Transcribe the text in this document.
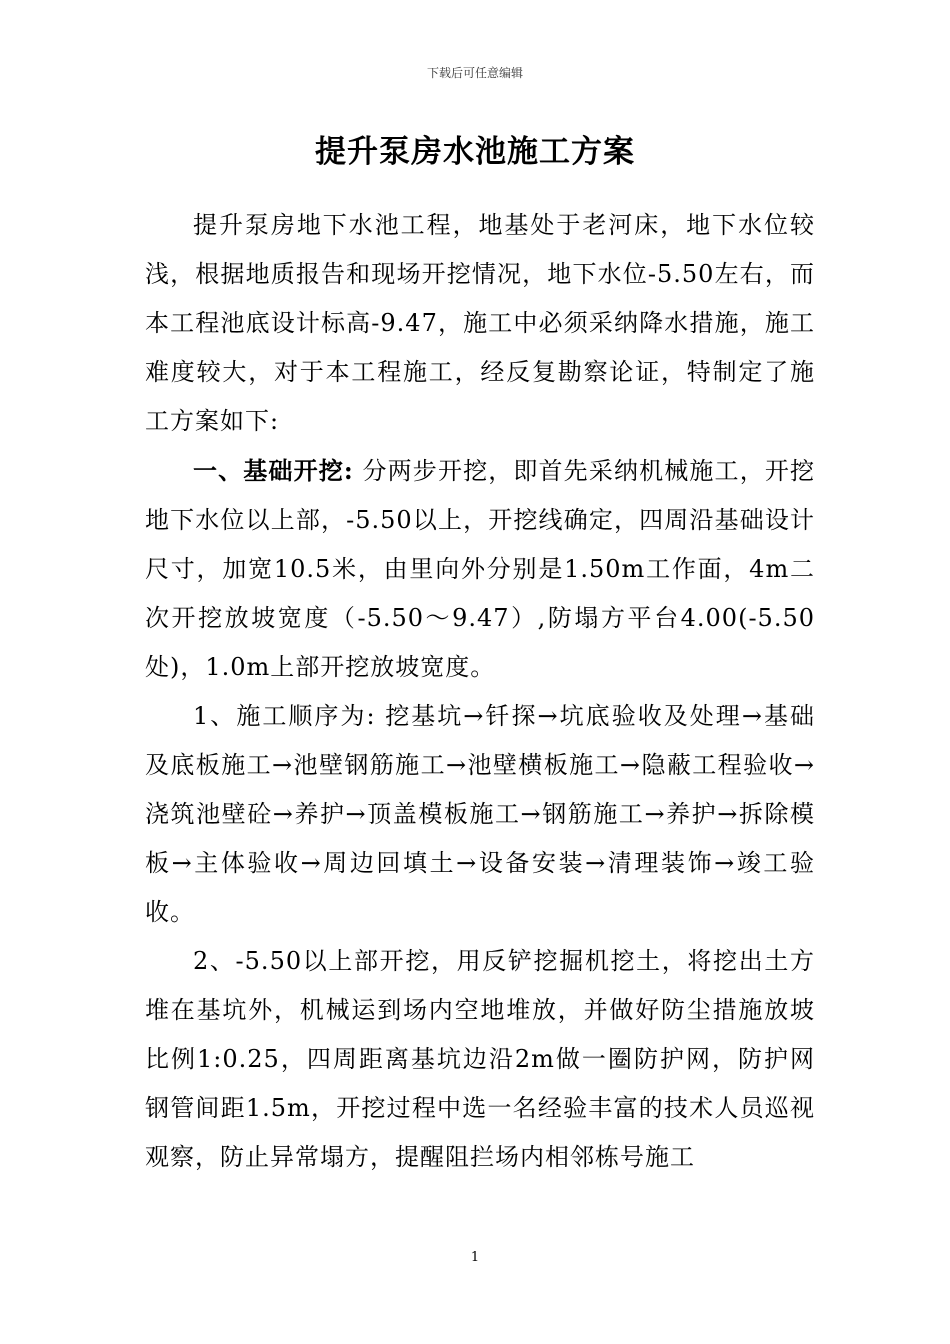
下载后可任意编辑
提升泵房水池施工方案

提升泵房地下水池工程，地基处于老河床，地下水位较浅，根据地质报告和现场开挖情况，地下水位-5.50左右，而本工程池底设计标高-9.47，施工中必须采纳降水措施，施工难度较大，对于本工程施工，经反复勘察论证，特制定了施工方案如下:

一、基础开挖: 分两步开挖，即首先采纳机械施工，开挖地下水位以上部，-5.50以上，开挖线确定，四周沿基础设计尺寸，加宽10.5米，由里向外分别是1.50m工作面，4m二次开挖放坡宽度（-5.50～9.47）,防塌方平台4.00(-5.50处)，1.0m上部开挖放坡宽度。

1、施工顺序为: 挖基坑→钎探→坑底验收及处理→基础及底板施工→池壁钢筋施工→池壁横板施工→隐蔽工程验收→浇筑池壁砼→养护→顶盖模板施工→钢筋施工→养护→拆除模板→主体验收→周边回填土→设备安装→清理装饰→竣工验收。

2、-5.50以上部开挖，用反铲挖掘机挖土，将挖出土方堆在基坑外，机械运到场内空地堆放，并做好防尘措施放坡比例1:0.25，四周距离基坑边沿2m做一圈防护网，防护网钢管间距1.5m，开挖过程中选一名经验丰富的技术人员巡视观察，防止异常塌方，提醒阻拦场内相邻栋号施工

1
